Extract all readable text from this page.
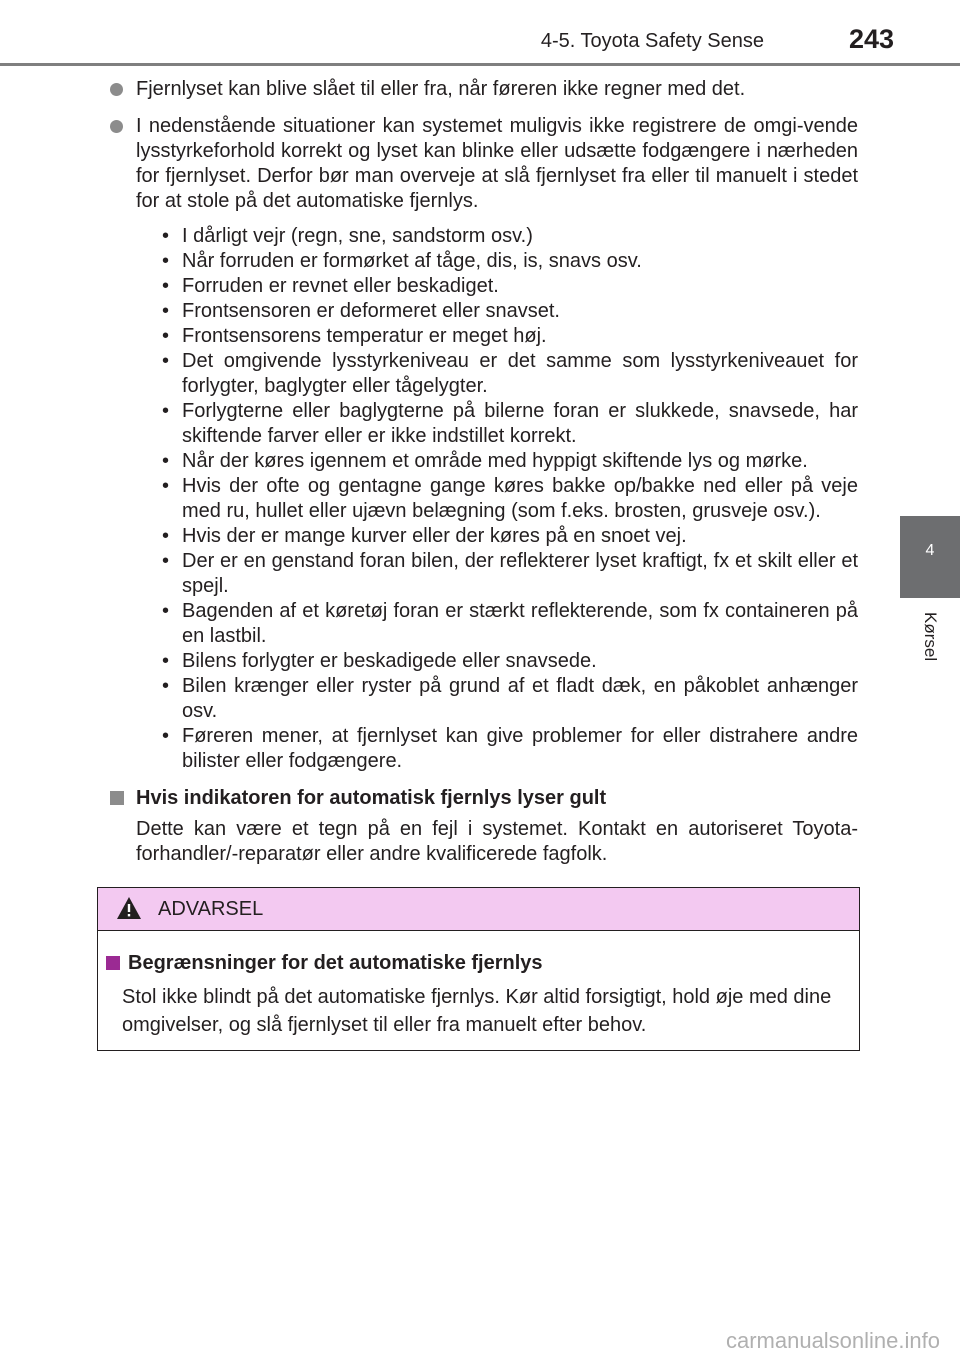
4-5. Toyota Safety Sense	243
4
Kørsel
Fjernlyset kan blive slået til eller fra, når føreren ikke regner med det.
I nedenstående situationer kan systemet muligvis ikke registrere de omgi-vende lysstyrkeforhold korrekt og lyset kan blinke eller udsætte fodgængere i nærheden for fjernlyset. Derfor bør man overveje at slå fjernlyset fra eller til manuelt i stedet for at stole på det automatiske fjernlys.
• I dårligt vejr (regn, sne, sandstorm osv.)
• Når forruden er formørket af tåge, dis, is, snavs osv.
• Forruden er revnet eller beskadiget.
• Frontsensoren er deformeret eller snavset.
• Frontsensorens temperatur er meget høj.
• Det omgivende lysstyrkeniveau er det samme som lysstyrkeniveauet for forlygter, baglygter eller tågelygter.
• Forlygterne eller baglygterne på bilerne foran er slukkede, snavsede, har skiftende farver eller er ikke indstillet korrekt.
• Når der køres igennem et område med hyppigt skiftende lys og mørke.
• Hvis der ofte og gentagne gange køres bakke op/bakke ned eller på veje med ru, hullet eller ujævn belægning (som f.eks. brosten, grusveje osv.).
• Hvis der er mange kurver eller der køres på en snoet vej.
• Der er en genstand foran bilen, der reflekterer lyset kraftigt, fx et skilt eller et spejl.
• Bagenden af et køretøj foran er stærkt reflekterende, som fx containeren på en lastbil.
• Bilens forlygter er beskadigede eller snavsede.
• Bilen krænger eller ryster på grund af et fladt dæk, en påkoblet anhænger osv.
• Føreren mener, at fjernlyset kan give problemer for eller distrahere andre bilister eller fodgængere.
Hvis indikatoren for automatisk fjernlys lyser gult
Dette kan være et tegn på en fejl i systemet. Kontakt en autoriseret Toyota-forhandler/-reparatør eller andre kvalificerede fagfolk.
ADVARSEL
Begrænsninger for det automatiske fjernlys
Stol ikke blindt på det automatiske fjernlys. Kør altid forsigtigt, hold øje med dine omgivelser, og slå fjernlyset til eller fra manuelt efter behov.
carmanualsonline.info
